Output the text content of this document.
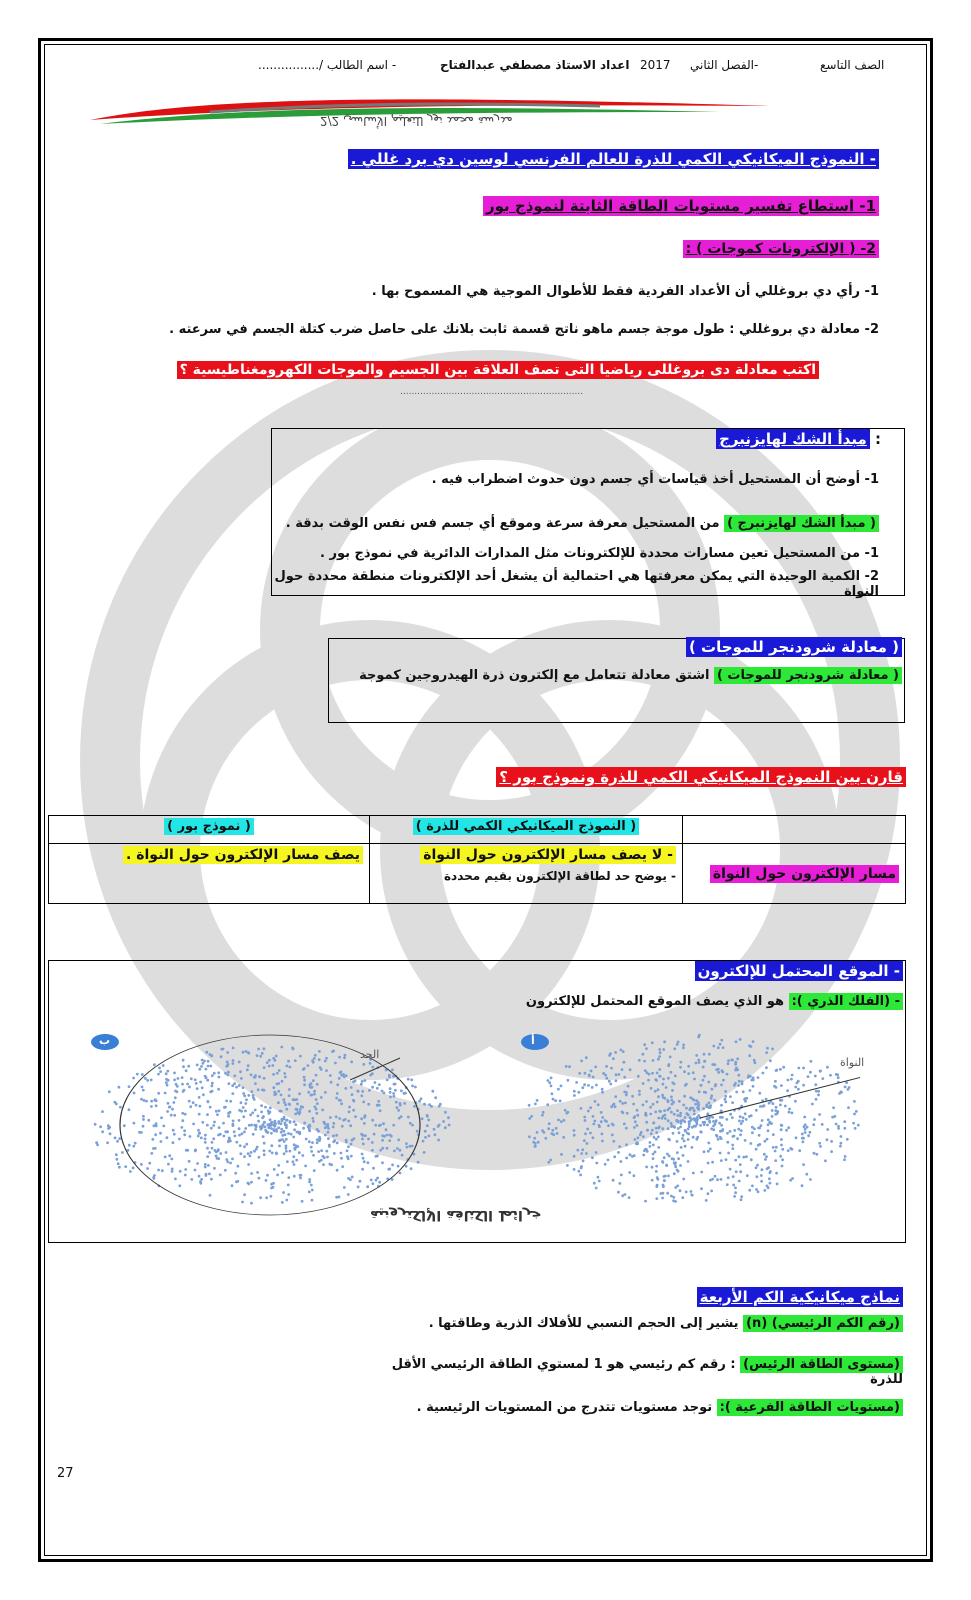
الصف التاسع
الفصل الثاني-
2017
اعداد الاستاذ مصطفي عبدالفتاح
- اسم الطالب /................
مدرسة محمد نور للتعليم الأساسي 2/2
- النموذج الميكانيكي الكمي للذرة للعالم الفرنسي لوسين دي برد غللي .
1- استطاع تفسير مستويات الطاقة الثابتة لنموذج بور
2- ( الإلكترونات كموجات ) :
1- رأي دي بروغللي أن الأعداد الفردية فقط للأطوال الموجية هي المسموح بها .
2- معادلة دي بروغللي : طول موجة جسم ماهو ناتج قسمة ثابت بلانك على حاصل ضرب كتلة الجسم في سرعته .
اكتب معادلة دى بروغللى رياضيا التى تصف العلاقة بين الجسيم والموجات الكهرومغناطيسية ؟
................................................................
: مبدأ الشك لهايزنبرج
1- أوضح أن المستحيل أخذ قياسات أي جسم دون حدوث اضطراب فيه .
( مبدأ الشك لهايزنبرج ) من المستحيل معرفة سرعة وموقع أي جسم فس نفس الوقت بدقة .
1- من المستحيل تعين مسارات محددة للإلكترونات مثل المدارات الدائرية في نموذج بور .
2- الكمية الوحيدة التي يمكن معرفتها هي احتمالية أن يشغل أحد الإلكترونات منطقة محددة حول النواة
( معادلة شرودنجر للموجات )
( معادلة شرودنجر للموجات ) اشتق معادلة تتعامل مع إلكترون ذرة الهيدروجين كموجة
قارن بين النموذج الميكانيكي الكمي للذرة ونموذج بور ؟
	( النموذج الميكانيكي الكمي للذرة )	( نموذج بور )
مسار الإلكترون حول النواة	- لا يصف مسار الإلكترون حول النواة
- يوضح حد لطاقة الإلكترون بقيم محددة	يصف مسار الإلكترون حول النواة .
- الموقع المحتمل للإلكترون
- (الفلك الذري ): هو الذي يصف الموقع المحتمل للإلكترون
ب	أ
النواة
الحد
خرائط الكثافة الإلكترونية
نماذج ميكانيكية الكم الأربعة
(رقم الكم الرئيسي) (n) يشير إلى الحجم النسبي للأفلاك الذرية وطاقتها .
(مستوى الطاقة الرئيس) : رقم كم رئيسي هو 1 لمستوي الطاقة الرئيسي الأقل للذرة
(مستويات الطاقة الفرعية ): توجد مستويات تتدرج من المستويات الرئيسية .
27
